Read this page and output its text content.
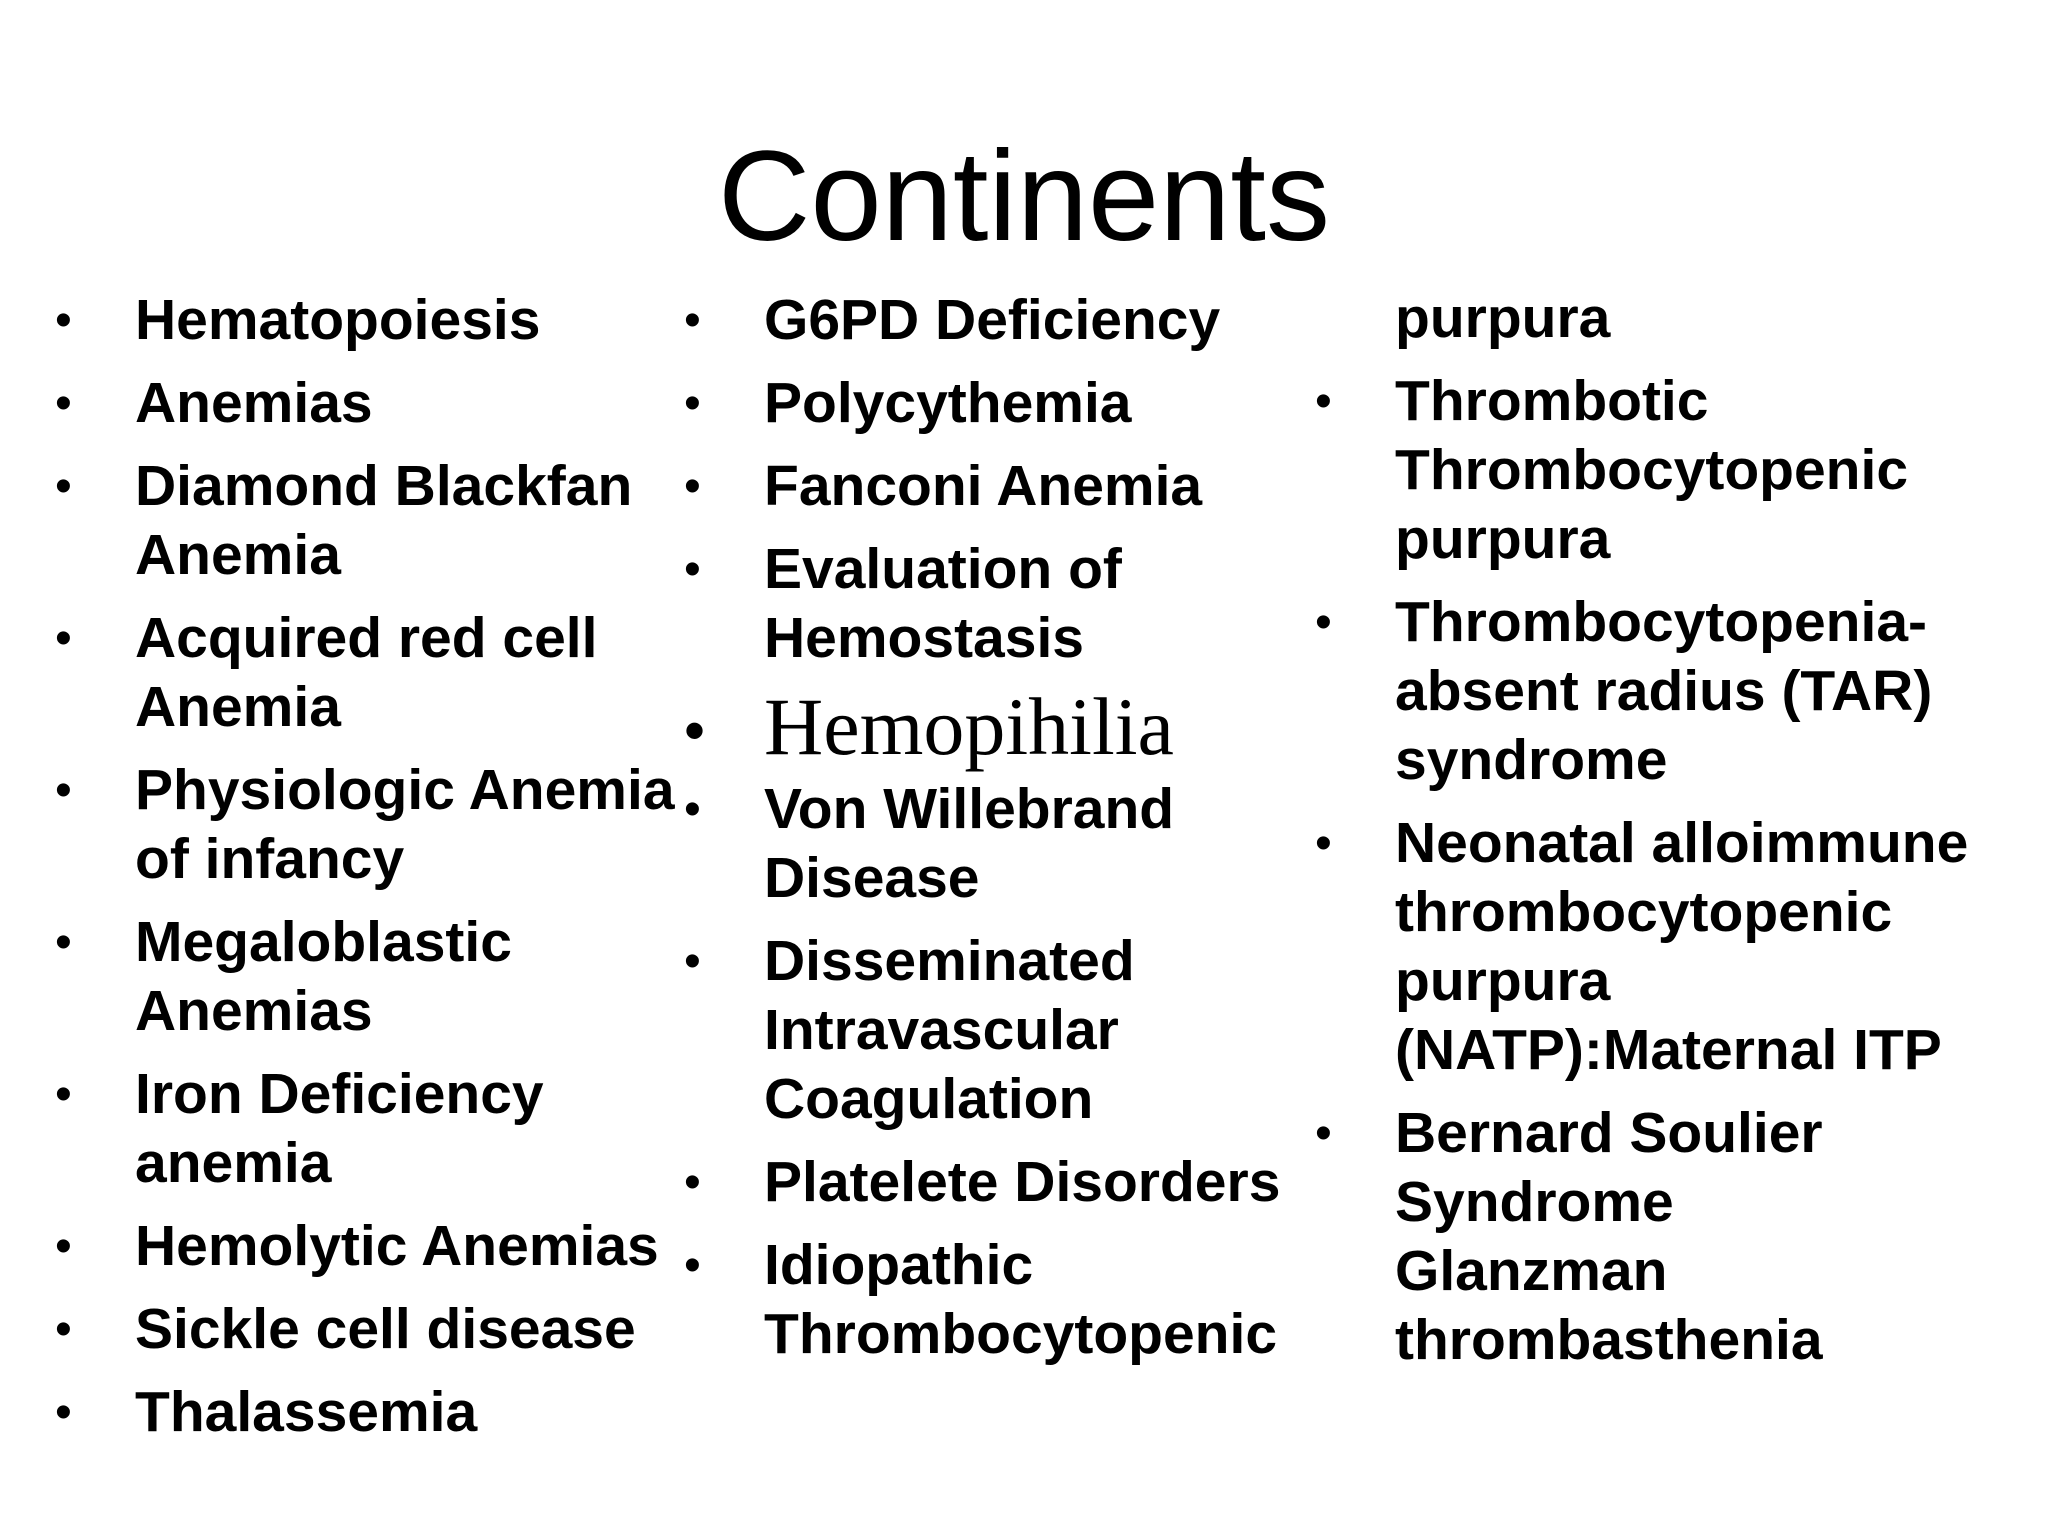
Continents
• Hematopoiesis
• Anemias
• Diamond Blackfan Anemia
• Acquired red cell Anemia
• Physiologic Anemia of infancy
• Megaloblastic Anemias
• Iron Deficiency anemia
• Hemolytic Anemias
• Sickle cell disease
• Thalassemia
• G6PD Deficiency
• Polycythemia
• Fanconi Anemia
• Evaluation of Hemostasis
• Hemopihilia
• Von Willebrand Disease
• Disseminated Intravascular Coagulation
• Platelete Disorders
• Idiopathic Thrombocytopenic
purpura
• Thrombotic Thrombocytopenic purpura
• Thrombocytopenia-absent radius (TAR) syndrome
• Neonatal alloimmune thrombocytopenic purpura (NATP):Maternal ITP
• Bernard Soulier Syndrome Glanzman thrombasthenia
